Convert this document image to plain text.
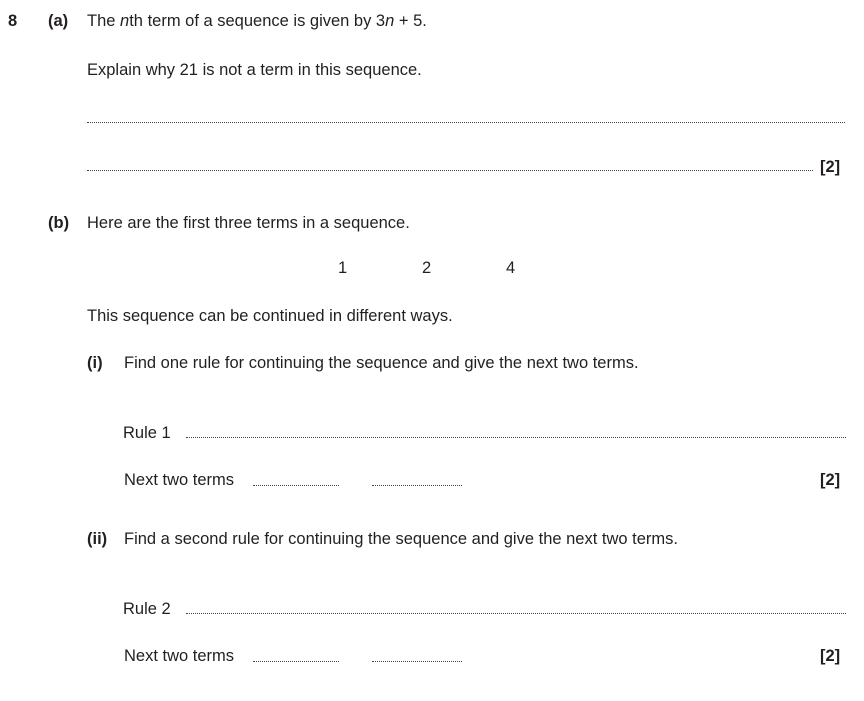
8 (a) The nth term of a sequence is given by 3n + 5.
Explain why 21 is not a term in this sequence.
[2]
(b) Here are the first three terms in a sequence.
1	2	4
This sequence can be continued in different ways.
(i) Find one rule for continuing the sequence and give the next two terms.
Rule 1
Next two terms	[2]
(ii) Find a second rule for continuing the sequence and give the next two terms.
Rule 2
Next two terms	[2]
